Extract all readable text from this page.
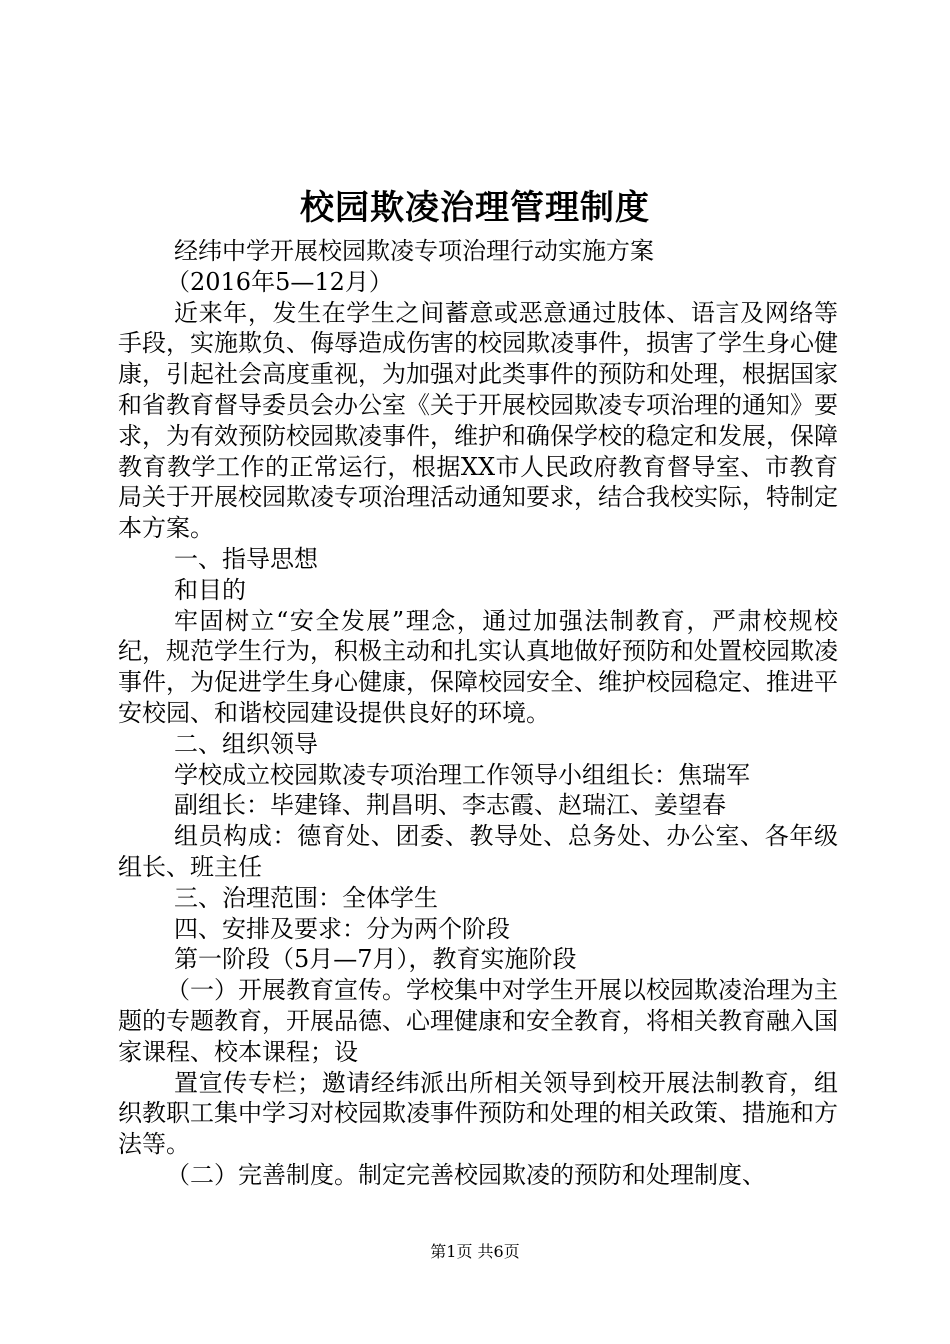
校园欺凌治理管理制度

经纬中学开展校园欺凌专项治理行动实施方案

（2016年5—12月）

近来年，发生在学生之间蓄意或恶意通过肢体、语言及网络等手段，实施欺负、侮辱造成伤害的校园欺凌事件，损害了学生身心健康，引起社会高度重视，为加强对此类事件的预防和处理，根据国家和省教育督导委员会办公室《关于开展校园欺凌专项治理的通知》要求，为有效预防校园欺凌事件，维护和确保学校的稳定和发展，保障教育教学工作的正常运行，根据XX市人民政府教育督导室、市教育局关于开展校园欺凌专项治理活动通知要求，结合我校实际，特制定本方案。

一、指导思想

和目的

牢固树立“安全发展”理念，通过加强法制教育，严肃校规校纪，规范学生行为，积极主动和扎实认真地做好预防和处置校园欺凌事件，为促进学生身心健康，保障校园安全、维护校园稳定、推进平安校园、和谐校园建设提供良好的环境。

二、组织领导

学校成立校园欺凌专项治理工作领导小组组长：焦瑞军

副组长：毕建锋、荆昌明、李志霞、赵瑞江、姜望春

组员构成：德育处、团委、教导处、总务处、办公室、各年级组长、班主任

三、治理范围：全体学生

四、安排及要求：分为两个阶段

第一阶段（5月—7月），教育实施阶段

（一）开展教育宣传。学校集中对学生开展以校园欺凌治理为主题的专题教育，开展品德、心理健康和安全教育，将相关教育融入国家课程、校本课程；设

置宣传专栏；邀请经纬派出所相关领导到校开展法制教育，组织教职工集中学习对校园欺凌事件预防和处理的相关政策、措施和方法等。

（二）完善制度。制定完善校园欺凌的预防和处理制度、

第1页 共6页
